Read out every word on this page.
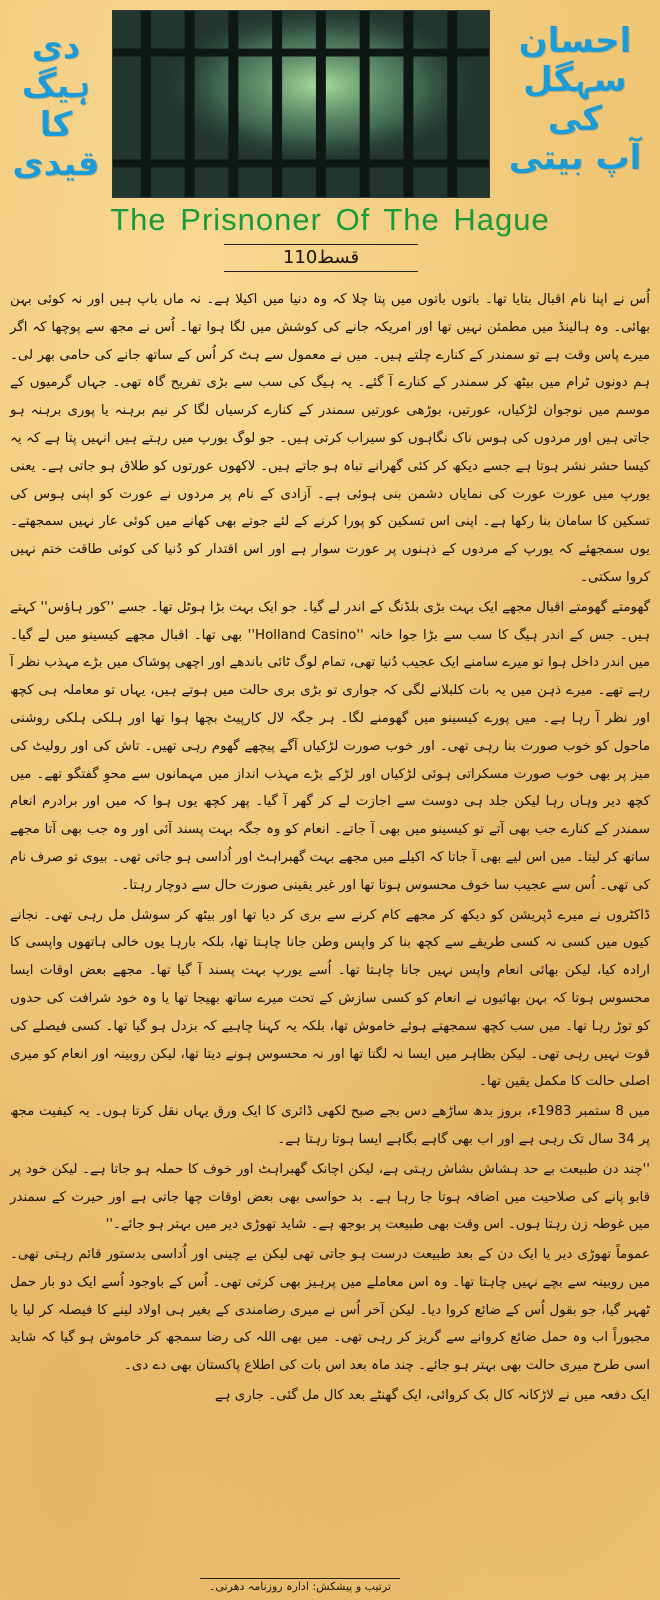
دی ہیگ
کا
قیدی
احسان سہگل
کی
آپ بیتی
The Prisnoner Of The Hague
قسط110

اُس نے اپنا نام اقبال بتایا تھا۔ باتوں باتوں میں پتا چلا کہ وہ دنیا میں اکیلا ہے۔ نہ ماں باپ ہیں اور نہ کوئی بہن بھائی۔ وہ ہالینڈ میں مطمئن نہیں تھا اور امریکہ جانے کی کوشش میں لگا ہوا تھا۔ اُس نے مجھ سے پوچھا کہ اگر میرے پاس وقت ہے تو سمندر کے کنارے چلتے ہیں۔ میں نے معمول سے ہٹ کر اُس کے ساتھ جانے کی حامی بھر لی۔ ہم دونوں ٹرام میں بیٹھ کر سمندر کے کنارے آ گئے۔ یہ ہیگ کی سب سے بڑی تفریح گاہ تھی۔ جہاں گرمیوں کے موسم میں نوجوان لڑکیاں، عورتیں، بوڑھی عورتیں سمندر کے کنارے کرسیاں لگا کر نیم برہنہ یا پوری برہنہ ہو جاتی ہیں اور مردوں کی ہوس ناک نگاہوں کو سیراب کرتی ہیں۔ جو لوگ یورپ میں رہتے ہیں انہیں پتا ہے کہ یہ کیسا حشر نشر ہوتا ہے جسے دیکھ کر کئی گھرانے تباہ ہو جاتے ہیں۔ لاکھوں عورتوں کو طلاق ہو جاتی ہے۔ یعنی یورپ میں عورت عورت کی نمایاں دشمن بنی ہوئی ہے۔ آزادی کے نام پر مردوں نے عورت کو اپنی ہوس کی تسکین کا سامان بنا رکھا ہے۔ اپنی اس تسکین کو پورا کرنے کے لئے جوتے بھی کھانے میں کوئی عار نہیں سمجھتے۔ یوں سمجھئے کہ یورپ کے مردوں کے ذہنوں پر عورت سوار ہے اور اس اقتدار کو دُنیا کی کوئی طاقت ختم نہیں کروا سکتی۔

گھومتے گھومتے اقبال مجھے ایک بہت بڑی بلڈنگ کے اندر لے گیا۔ جو ایک بہت بڑا ہوٹل تھا۔ جسے ''کور ہاؤس'' کہتے ہیں۔ جس کے اندر ہیگ کا سب سے بڑا جوا خانہ ''Holland Casino'' بھی تھا۔ اقبال مجھے کیسینو میں لے گیا۔ میں اندر داخل ہوا تو میرے سامنے ایک عجیب دُنیا تھی، تمام لوگ ٹائی باندھے اور اچھی پوشاک میں بڑے مہذب نظر آ رہے تھے۔ میرے ذہن میں یہ بات کلبلانے لگی کہ جواری تو بڑی بری حالت میں ہوتے ہیں، یہاں تو معاملہ ہی کچھ اور نظر آ رہا ہے۔ میں پورے کیسینو میں گھومنے لگا۔ ہر جگہ لال کارپیٹ بچھا ہوا تھا اور ہلکی ہلکی روشنی ماحول کو خوب صورت بنا رہی تھی۔ اور خوب صورت لڑکیاں آگے پیچھے گھوم رہی تھیں۔ تاش کی اور رولیٹ کی میز پر بھی خوب صورت مسکراتی ہوئی لڑکیاں اور لڑکے بڑے مہذب انداز میں مہمانوں سے محوِ گفتگو تھے۔ میں کچھ دیر وہاں رہا لیکن جلد ہی دوست سے اجازت لے کر گھر آ گیا۔ پھر کچھ یوں ہوا کہ میں اور برادرم انعام سمندر کے کنارے جب بھی آتے تو کیسینو میں بھی آ جاتے۔ انعام کو وہ جگہ بہت پسند آئی اور وہ جب بھی آتا مجھے ساتھ کر لیتا۔ میں اس لیے بھی آ جاتا کہ اکیلے میں مجھے بہت گھبراہٹ اور اُداسی ہو جاتی تھی۔ بیوی تو صرف نام کی تھی۔ اُس سے عجیب سا خوف محسوس ہوتا تھا اور غیر یقینی صورت حال سے دوچار رہتا۔

ڈاکٹروں نے میرے ڈپریشن کو دیکھ کر مجھے کام کرنے سے بری کر دیا تھا اور بیٹھ کر سوشل مل رہی تھی۔ نجانے کیوں میں کسی نہ کسی طریقے سے کچھ بنا کر واپس وطن جانا چاہتا تھا، بلکہ بارہا یوں خالی ہاتھوں واپسی کا ارادہ کیا، لیکن بھائی انعام واپس نہیں جانا چاہتا تھا۔ اُسے یورپ بہت پسند آ گیا تھا۔ مجھے بعض اوقات ایسا محسوس ہوتا کہ بہن بھائیوں نے انعام کو کسی سازش کے تحت میرے ساتھ بھیجا تھا یا وہ خود شرافت کی حدوں کو توڑ رہا تھا۔ میں سب کچھ سمجھتے ہوئے خاموش تھا، بلکہ یہ کہنا چاہیے کہ بزدل ہو گیا تھا۔ کسی فیصلے کی قوت نہیں رہی تھی۔ لیکن بظاہر میں ایسا نہ لگتا تھا اور نہ محسوس ہونے دیتا تھا، لیکن روبینہ اور انعام کو میری اصلی حالت کا مکمل یقین تھا۔

میں 8 ستمبر 1983ء، بروز بدھ ساڑھے دس بجے صبح لکھی ڈائری کا ایک ورق یہاں نقل کرتا ہوں۔ یہ کیفیت مجھ پر 34 سال تک رہی ہے اور اب بھی گاہے بگاہے ایسا ہوتا رہتا ہے۔

''چند دن طبیعت بے حد ہشاش بشاش رہتی ہے، لیکن اچانک گھبراہٹ اور خوف کا حملہ ہو جاتا ہے۔ لیکن خود پر قابو پانے کی صلاحیت میں اضافہ ہوتا جا رہا ہے۔ بد حواسی بھی بعض اوقات چھا جاتی ہے اور حیرت کے سمندر میں غوطہ زن رہتا ہوں۔ اس وقت بھی طبیعت پر بوجھ ہے۔ شاید تھوڑی دیر میں بہتر ہو جائے۔''

عموماً تھوڑی دیر یا ایک دن کے بعد طبیعت درست ہو جاتی تھی لیکن بے چینی اور اُداسی بدستور قائم رہتی تھی۔ میں روبینہ سے بچے نہیں چاہتا تھا۔ وہ اس معاملے میں پرہیز بھی کرتی تھی۔ اُس کے باوجود اُسے ایک دو بار حمل ٹھہر گیا، جو بقول اُس کے ضائع کروا دیا۔ لیکن آخر اُس نے میری رضامندی کے بغیر ہی اولاد لینے کا فیصلہ کر لیا یا مجبوراً اب وہ حمل ضائع کروانے سے گریز کر رہی تھی۔ میں بھی اللہ کی رضا سمجھ کر خاموش ہو گیا کہ شاید اسی طرح میری حالت بھی بہتر ہو جائے۔ چند ماہ بعد اس بات کی اطلاع پاکستان بھی دے دی۔

ایک دفعہ میں نے لاڑکانہ کال بک کروائی، ایک گھنٹے بعد کال مل گئی۔ جاری ہے

ترتیب و پیشکش: ادارہ روزنامہ دھرتی۔
